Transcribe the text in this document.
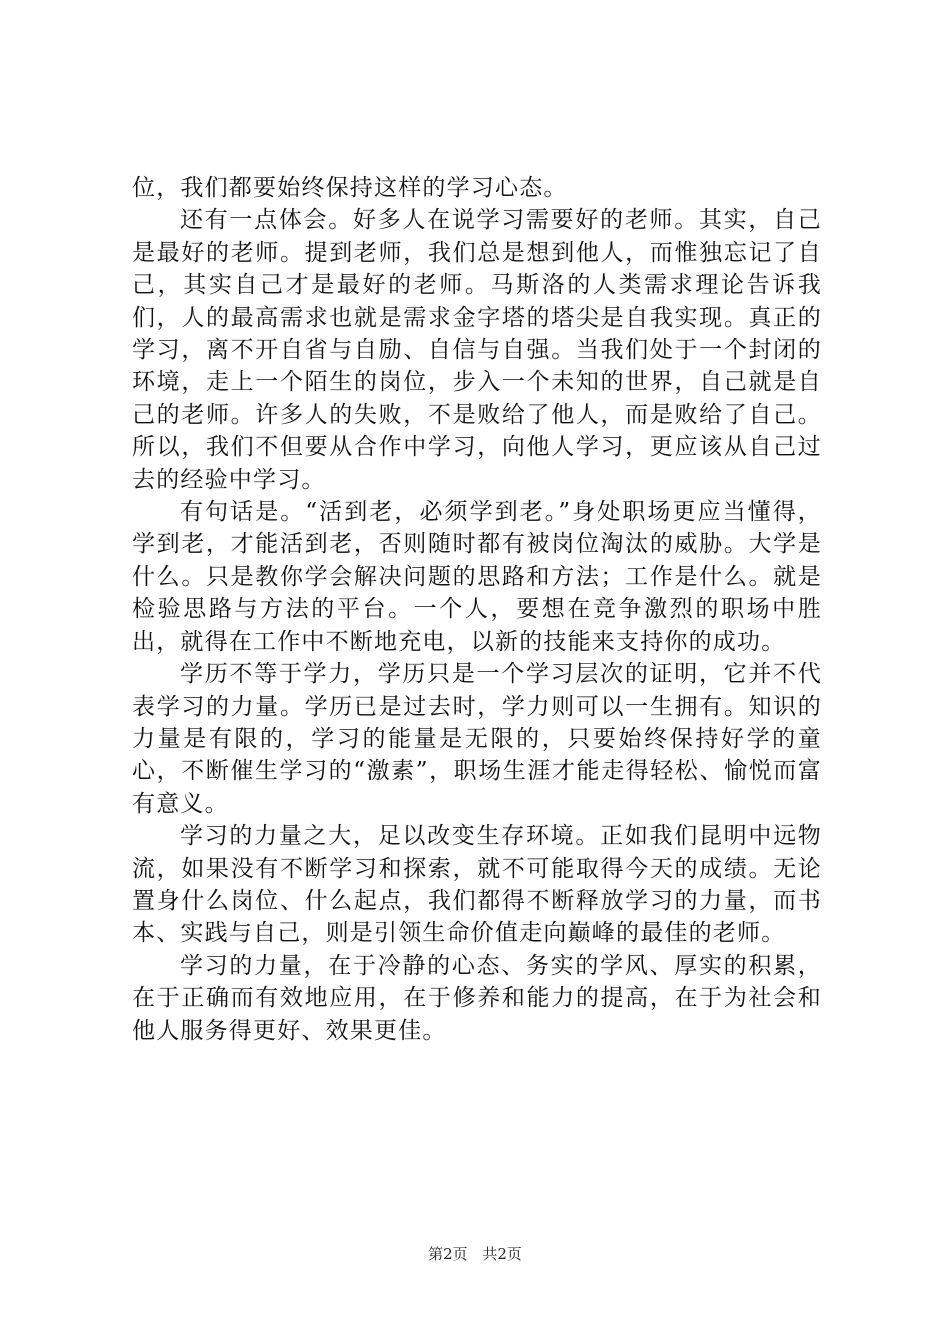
位，我们都要始终保持这样的学习心态。

还有一点体会。好多人在说学习需要好的老师。其实，自己是最好的老师。提到老师，我们总是想到他人，而惟独忘记了自己，其实自己才是最好的老师。马斯洛的人类需求理论告诉我们，人的最高需求也就是需求金字塔的塔尖是自我实现。真正的学习，离不开自省与自励、自信与自强。当我们处于一个封闭的环境，走上一个陌生的岗位，步入一个未知的世界，自己就是自己的老师。许多人的失败，不是败给了他人，而是败给了自己。所以，我们不但要从合作中学习，向他人学习，更应该从自己过去的经验中学习。

有句话是。“活到老，必须学到老。”身处职场更应当懂得，学到老，才能活到老，否则随时都有被岗位淘汰的威胁。大学是什么。只是教你学会解决问题的思路和方法；工作是什么。就是检验思路与方法的平台。一个人，要想在竞争激烈的职场中胜出，就得在工作中不断地充电，以新的技能来支持你的成功。

学历不等于学力，学历只是一个学习层次的证明，它并不代表学习的力量。学历已是过去时，学力则可以一生拥有。知识的力量是有限的，学习的能量是无限的，只要始终保持好学的童心，不断催生学习的“激素”，职场生涯才能走得轻松、愉悦而富有意义。

学习的力量之大，足以改变生存环境。正如我们昆明中远物流，如果没有不断学习和探索，就不可能取得今天的成绩。无论置身什么岗位、什么起点，我们都得不断释放学习的力量，而书本、实践与自己，则是引领生命价值走向巅峰的最佳的老师。

学习的力量，在于冷静的心态、务实的学风、厚实的积累，在于正确而有效地应用，在于修养和能力的提高，在于为社会和他人服务得更好、效果更佳。

第2页 共2页
